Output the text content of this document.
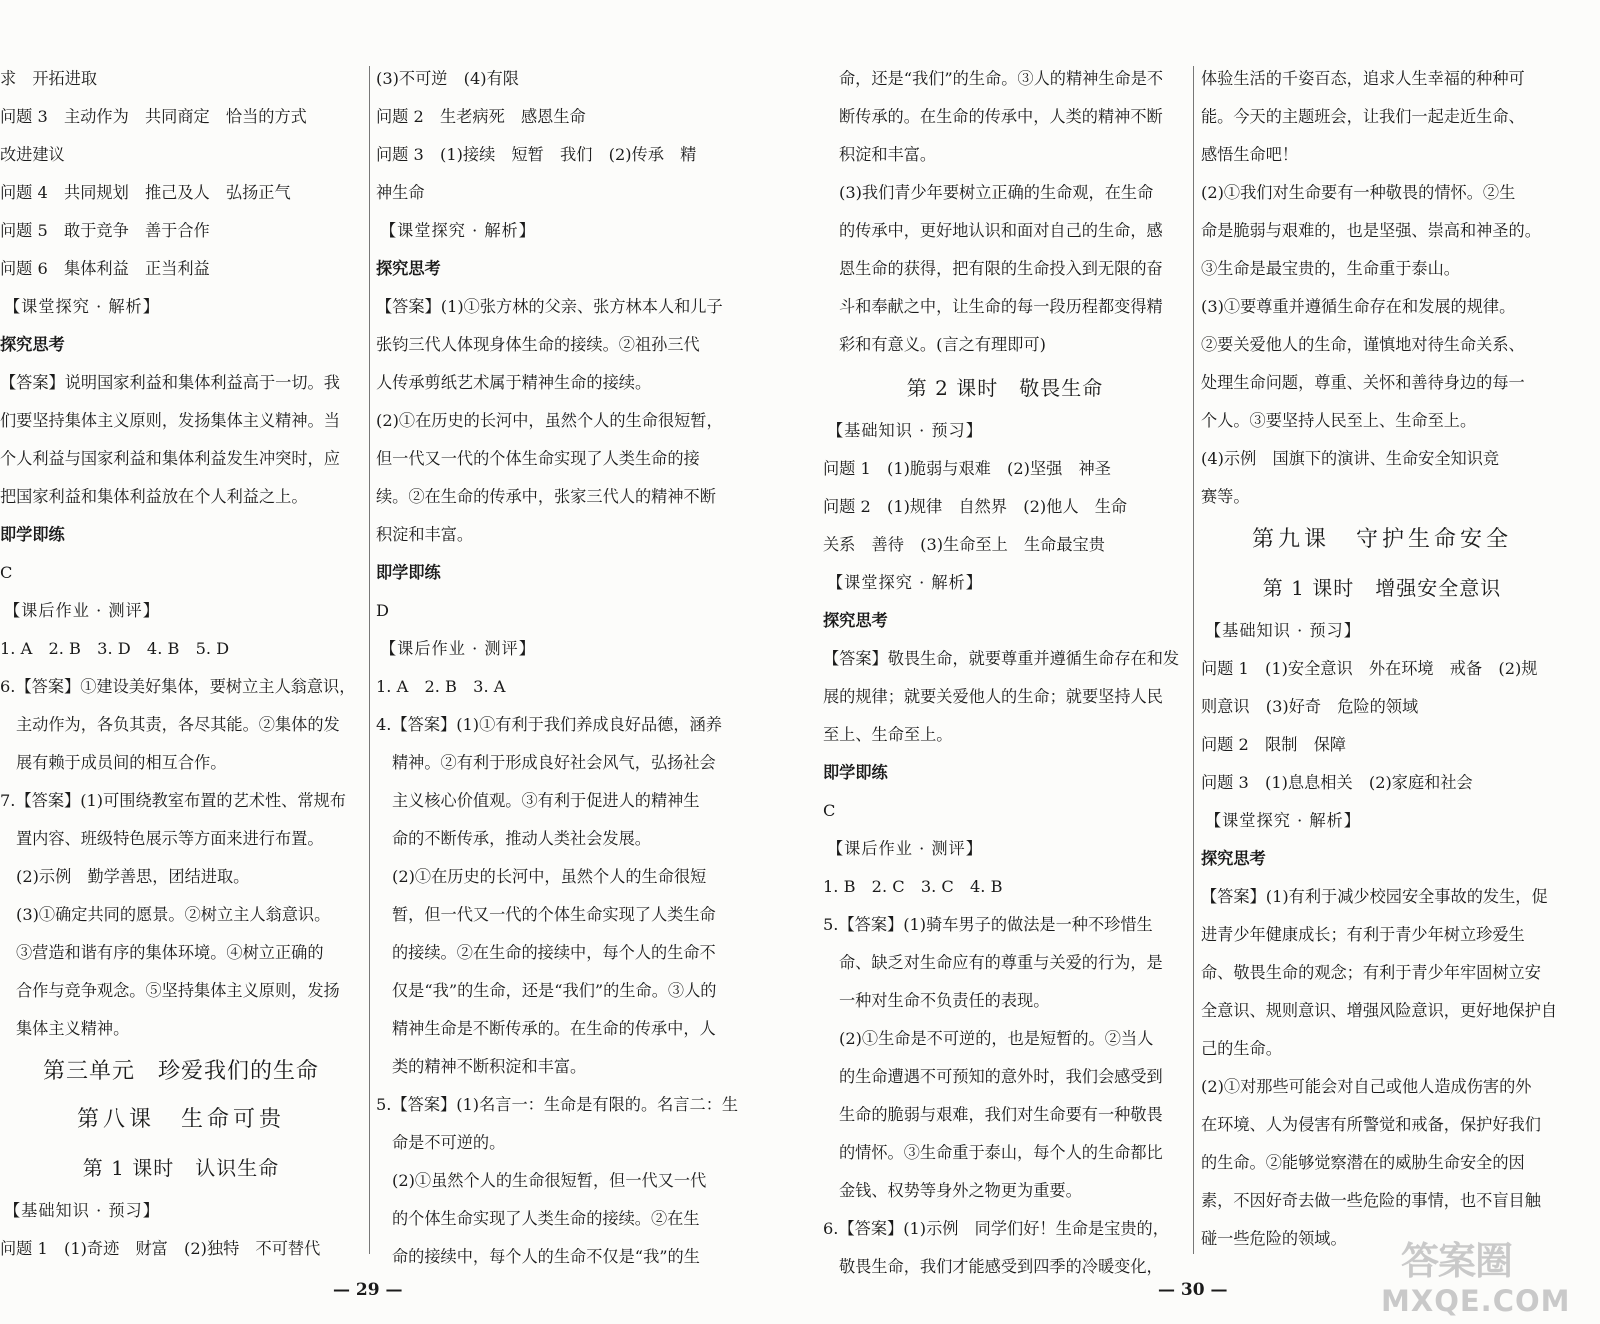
求　开拓进取
问题 3　主动作为　共同商定　恰当的方式
改进建议
问题 4　共同规划　推己及人　弘扬正气
问题 5　敢于竞争　善于合作
问题 6　集体利益　正当利益
【课堂探究 · 解析】
探究思考
【答案】说明国家利益和集体利益高于一切。我
们要坚持集体主义原则，发扬集体主义精神。当
个人利益与国家利益和集体利益发生冲突时，应
把国家利益和集体利益放在个人利益之上。
即学即练
C
【课后作业 · 测评】
1. A　2. B　3. D　4. B　5. D
6.【答案】①建设美好集体，要树立主人翁意识，
主动作为，各负其责，各尽其能。②集体的发
展有赖于成员间的相互合作。
7.【答案】(1)可围绕教室布置的艺术性、常规布
置内容、班级特色展示等方面来进行布置。
(2)示例　勤学善思，团结进取。
(3)①确定共同的愿景。②树立主人翁意识。
③营造和谐有序的集体环境。④树立正确的
合作与竞争观念。⑤坚持集体主义原则，发扬
集体主义精神。
第三单元　珍爱我们的生命
第八课　生命可贵
第 1 课时　认识生命
【基础知识 · 预习】
问题 1　(1)奇迹　财富　(2)独特　不可替代
(3)不可逆　(4)有限
问题 2　生老病死　感恩生命
问题 3　(1)接续　短暂　我们　(2)传承　精
神生命
【课堂探究 · 解析】
探究思考
【答案】(1)①张方林的父亲、张方林本人和儿子
张钧三代人体现身体生命的接续。②祖孙三代
人传承剪纸艺术属于精神生命的接续。
(2)①在历史的长河中，虽然个人的生命很短暂，
但一代又一代的个体生命实现了人类生命的接
续。②在生命的传承中，张家三代人的精神不断
积淀和丰富。
即学即练
D
【课后作业 · 测评】
1. A　2. B　3. A
4.【答案】(1)①有利于我们养成良好品德，涵养
精神。②有利于形成良好社会风气，弘扬社会
主义核心价值观。③有利于促进人的精神生
命的不断传承，推动人类社会发展。
(2)①在历史的长河中，虽然个人的生命很短
暂，但一代又一代的个体生命实现了人类生命
的接续。②在生命的接续中，每个人的生命不
仅是“我”的生命，还是“我们”的生命。③人的
精神生命是不断传承的。在生命的传承中，人
类的精神不断积淀和丰富。
5.【答案】(1)名言一：生命是有限的。名言二：生
命是不可逆的。
(2)①虽然个人的生命很短暂，但一代又一代
的个体生命实现了人类生命的接续。②在生
命的接续中，每个人的生命不仅是“我”的生
命，还是“我们”的生命。③人的精神生命是不
断传承的。在生命的传承中，人类的精神不断
积淀和丰富。
(3)我们青少年要树立正确的生命观，在生命
的传承中，更好地认识和面对自己的生命，感
恩生命的获得，把有限的生命投入到无限的奋
斗和奉献之中，让生命的每一段历程都变得精
彩和有意义。(言之有理即可)
第 2 课时　敬畏生命
【基础知识 · 预习】
问题 1　(1)脆弱与艰难　(2)坚强　神圣
问题 2　(1)规律　自然界　(2)他人　生命
关系　善待　(3)生命至上　生命最宝贵
【课堂探究 · 解析】
探究思考
【答案】敬畏生命，就要尊重并遵循生命存在和发
展的规律；就要关爱他人的生命；就要坚持人民
至上、生命至上。
即学即练
C
【课后作业 · 测评】
1. B　2. C　3. C　4. B
5.【答案】(1)骑车男子的做法是一种不珍惜生
命、缺乏对生命应有的尊重与关爱的行为，是
一种对生命不负责任的表现。
(2)①生命是不可逆的，也是短暂的。②当人
的生命遭遇不可预知的意外时，我们会感受到
生命的脆弱与艰难，我们对生命要有一种敬畏
的情怀。③生命重于泰山，每个人的生命都比
金钱、权势等身外之物更为重要。
6.【答案】(1)示例　同学们好！生命是宝贵的，
敬畏生命，我们才能感受到四季的冷暖变化，
体验生活的千姿百态，追求人生幸福的种种可
能。今天的主题班会，让我们一起走近生命、
感悟生命吧！
(2)①我们对生命要有一种敬畏的情怀。②生
命是脆弱与艰难的，也是坚强、崇高和神圣的。
③生命是最宝贵的，生命重于泰山。
(3)①要尊重并遵循生命存在和发展的规律。
②要关爱他人的生命，谨慎地对待生命关系、
处理生命问题，尊重、关怀和善待身边的每一
个人。③要坚持人民至上、生命至上。
(4)示例　国旗下的演讲、生命安全知识竞
赛等。
第九课　守护生命安全
第 1 课时　增强安全意识
【基础知识 · 预习】
问题 1　(1)安全意识　外在环境　戒备　(2)规
则意识　(3)好奇　危险的领域
问题 2　限制　保障
问题 3　(1)息息相关　(2)家庭和社会
【课堂探究 · 解析】
探究思考
【答案】(1)有利于减少校园安全事故的发生，促
进青少年健康成长；有利于青少年树立珍爱生
命、敬畏生命的观念；有利于青少年牢固树立安
全意识、规则意识、增强风险意识，更好地保护自
己的生命。
(2)①对那些可能会对自己或他人造成伤害的外
在环境、人为侵害有所警觉和戒备，保护好我们
的生命。②能够觉察潜在的威胁生命安全的因
素，不因好奇去做一些危险的事情，也不盲目触
碰一些危险的领域。
— 29 —	— 30 —
答案圈
MXQE.COM
